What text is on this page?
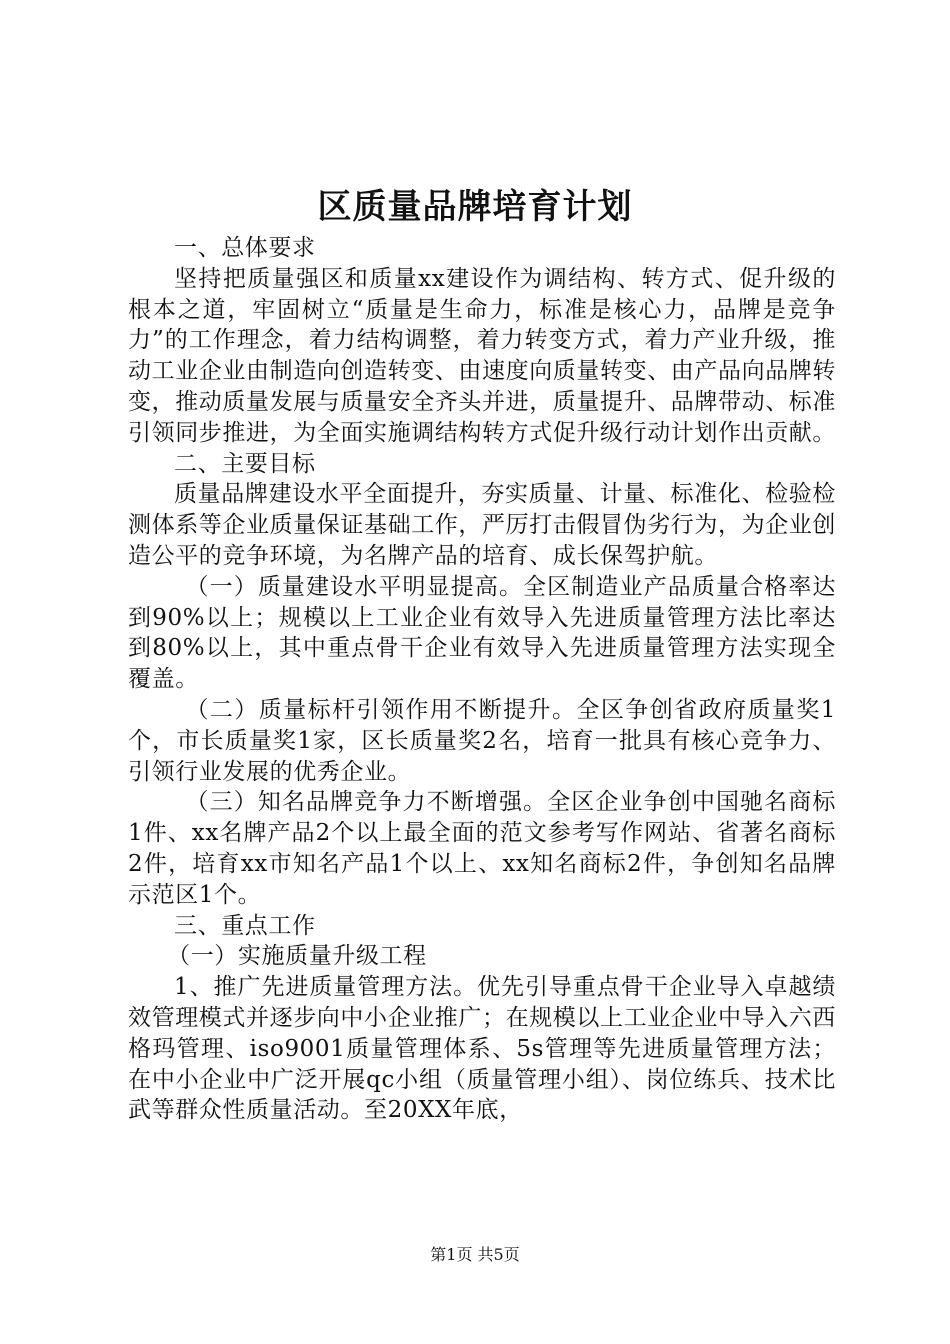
区质量品牌培育计划

一、总体要求

坚持把质量强区和质量xx建设作为调结构、转方式、促升级的根本之道，牢固树立“质量是生命力，标准是核心力，品牌是竞争力”的工作理念，着力结构调整，着力转变方式，着力产业升级，推动工业企业由制造向创造转变、由速度向质量转变、由产品向品牌转变，推动质量发展与质量安全齐头并进，质量提升、品牌带动、标准引领同步推进，为全面实施调结构转方式促升级行动计划作出贡献。

二、主要目标

质量品牌建设水平全面提升，夯实质量、计量、标准化、检验检测体系等企业质量保证基础工作，严厉打击假冒伪劣行为，为企业创造公平的竞争环境，为名牌产品的培育、成长保驾护航。

（一）质量建设水平明显提高。全区制造业产品质量合格率达到90%以上；规模以上工业企业有效导入先进质量管理方法比率达到80%以上，其中重点骨干企业有效导入先进质量管理方法实现全覆盖。

（二）质量标杆引领作用不断提升。全区争创省政府质量奖1个，市长质量奖1家，区长质量奖2名，培育一批具有核心竞争力、引领行业发展的优秀企业。

（三）知名品牌竞争力不断增强。全区企业争创中国驰名商标1件、xx名牌产品2个以上最全面的范文参考写作网站、省著名商标2件，培育xx市知名产品1个以上、xx知名商标2件，争创知名品牌示范区1个。

三、重点工作

（一）实施质量升级工程

1、推广先进质量管理方法。优先引导重点骨干企业导入卓越绩效管理模式并逐步向中小企业推广；在规模以上工业企业中导入六西格玛管理、iso9001质量管理体系、5s管理等先进质量管理方法；在中小企业中广泛开展qc小组（质量管理小组）、岗位练兵、技术比武等群众性质量活动。至20XX年底，

第1页 共5页
